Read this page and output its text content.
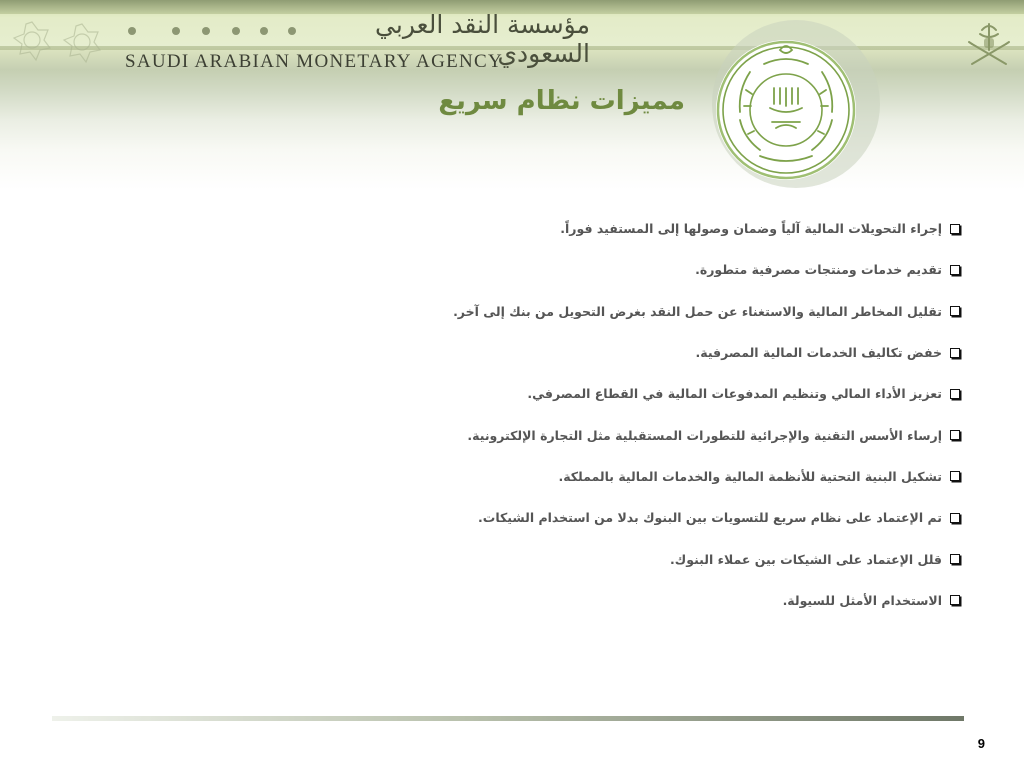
مؤسسة النقد العربي السعودي
SAUDI ARABIAN MONETARY AGENCY
مميزات نظام سريع
إجراء التحويلات المالية آلياً وضمان وصولها إلى المستفيد فوراً.
تقديم خدمات ومنتجات مصرفية متطورة.
تقليل المخاطر المالية والاستغناء عن حمل النقد بغرض التحويل من بنك إلى آخر.
خفض تكاليف الخدمات المالية المصرفية.
تعزيز الأداء المالي وتنظيم المدفوعات المالية في القطاع المصرفي.
إرساء الأسس التقنية والإجرائية للتطورات المستقبلية مثل التجارة الإلكترونية.
تشكيل البنية التحتية للأنظمة المالية والخدمات المالية بالمملكة.
تم الإعتماد على نظام سريع للتسويات بين البنوك بدلا من استخدام الشيكات.
قلل الإعتماد على الشيكات بين عملاء البنوك.
الاستخدام الأمثل للسيولة.
9
